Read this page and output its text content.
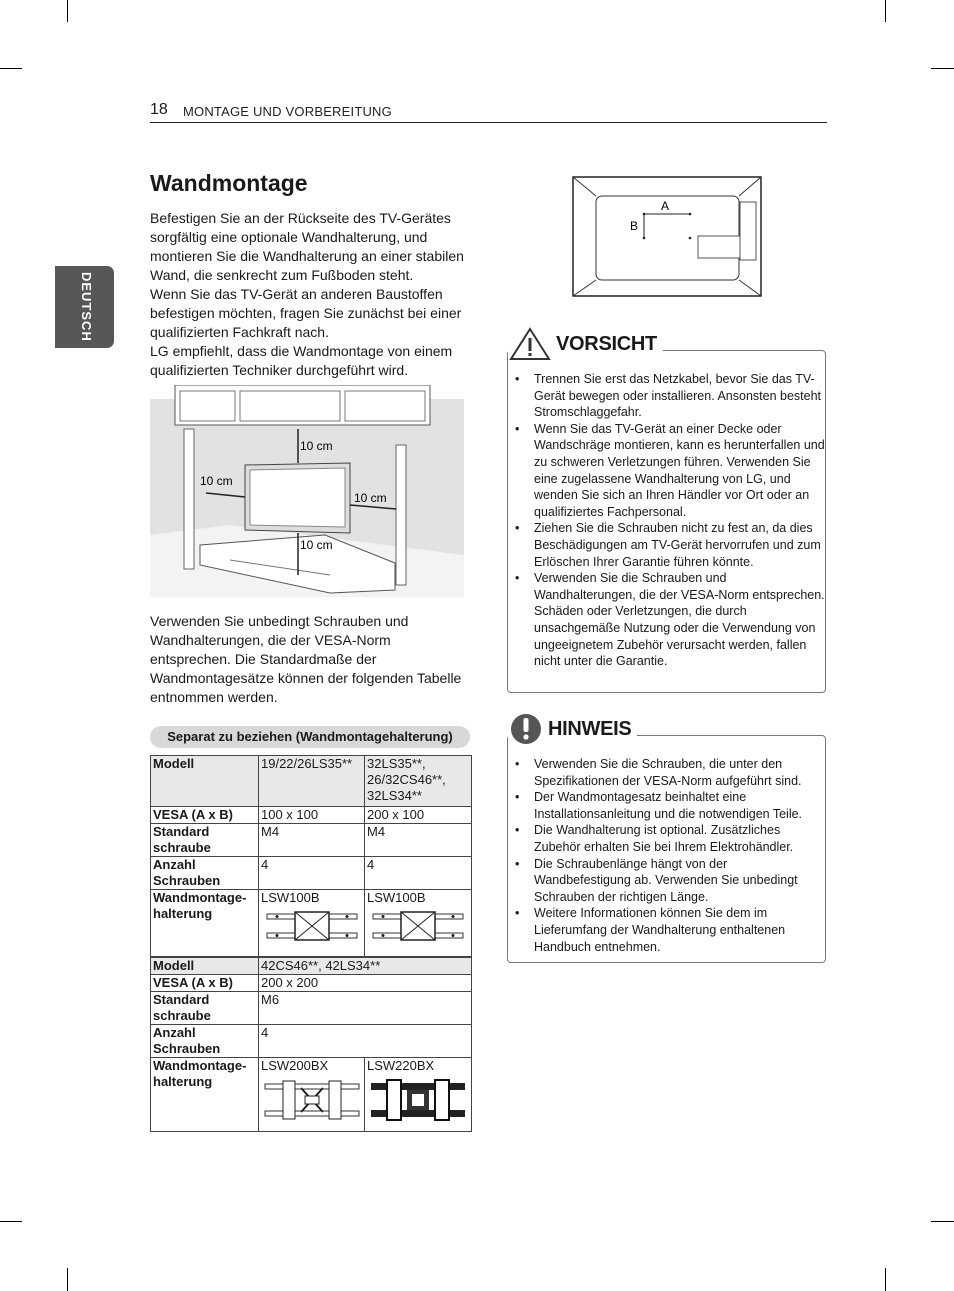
18 MONTAGE UND VORBEREITUNG
DEUTSCH
Wandmontage

Befestigen Sie an der Rückseite des TV-Gerätes sorgfältig eine optionale Wandhalterung, und montieren Sie die Wandhalterung an einer stabilen Wand, die senkrecht zum Fußboden steht.

Wenn Sie das TV-Gerät an anderen Baustoffen befestigen möchten, fragen Sie zunächst bei einer qualifizierten Fachkraft nach.

LG empfiehlt, dass die Wandmontage von einem qualifizierten Techniker durchgeführt wird.

10 cm
10 cm
10 cm
10 cm

Verwenden Sie unbedingt Schrauben und Wandhalterungen, die der VESA-Norm entsprechen. Die Standardmaße der Wandmontagesätze können der folgenden Tabelle entnommen werden.

Separat zu beziehen (Wandmontagehalterung)
Modell	19/22/26LS35**	32LS35**, 26/32CS46**, 32LS34**
VESA (A x B)	100 x 100	200 x 100
Standard schraube	M4	M4
Anzahl Schrauben	4	4
Wandmontage-halterung	LSW100B	LSW100B
Modell	42CS46**, 42LS34**	
VESA (A x B)	200 x 200	
Standard schraube	M6	
Anzahl Schrauben	4	
Wandmontage-halterung	LSW200BX	LSW220BX
A
B
VORSICHT
• Trennen Sie erst das Netzkabel, bevor Sie das TV-Gerät bewegen oder installieren. Ansonsten besteht Stromschlaggefahr.
• Wenn Sie das TV-Gerät an einer Decke oder Wandschräge montieren, kann es herunterfallen und zu schweren Verletzungen führen. Verwenden Sie eine zugelassene Wandhalterung von LG, und wenden Sie sich an Ihren Händler vor Ort oder an qualifiziertes Fachpersonal.
• Ziehen Sie die Schrauben nicht zu fest an, da dies Beschädigungen am TV-Gerät hervorrufen und zum Erlöschen Ihrer Garantie führen könnte.
• Verwenden Sie die Schrauben und Wandhalterungen, die der VESA-Norm entsprechen. Schäden oder Verletzungen, die durch unsachgemäße Nutzung oder die Verwendung von ungeeignetem Zubehör verursacht werden, fallen nicht unter die Garantie.
HINWEIS
• Verwenden Sie die Schrauben, die unter den Spezifikationen der VESA-Norm aufgeführt sind.
• Der Wandmontagesatz beinhaltet eine Installationsanleitung und die notwendigen Teile.
• Die Wandhalterung ist optional. Zusätzliches Zubehör erhalten Sie bei Ihrem Elektrohändler.
• Die Schraubenlänge hängt von der Wandbefestigung ab. Verwenden Sie unbedingt Schrauben der richtigen Länge.
• Weitere Informationen können Sie dem im Lieferumfang der Wandhalterung enthaltenen Handbuch entnehmen.
